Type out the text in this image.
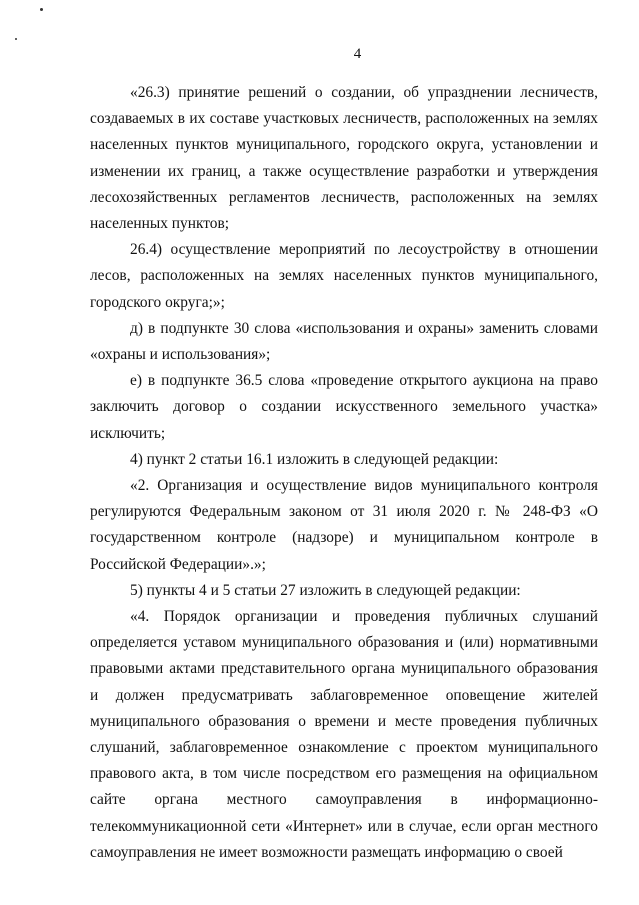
4

«26.3) принятие решений о создании, об упразднении лесничеств, создаваемых в их составе участковых лесничеств, расположенных на землях населенных пунктов муниципального, городского округа, установлении и изменении их границ, а также осуществление разработки и утверждения лесохозяйственных регламентов лесничеств, расположенных на землях населенных пунктов;

26.4) осуществление мероприятий по лесоустройству в отношении лесов, расположенных на землях населенных пунктов муниципального, городского округа;»;

д) в подпункте 30 слова «использования и охраны» заменить словами «охраны и использования»;

е) в подпункте 36.5 слова «проведение открытого аукциона на право заключить договор о создании искусственного земельного участка» исключить;

4) пункт 2 статьи 16.1 изложить в следующей редакции:

«2. Организация и осуществление видов муниципального контроля регулируются Федеральным законом от 31 июля 2020 г. № 248-ФЗ «О государственном контроле (надзоре) и муниципальном контроле в Российской Федерации».»;

5) пункты 4 и 5 статьи 27 изложить в следующей редакции:

«4. Порядок организации и проведения публичных слушаний определяется уставом муниципального образования и (или) нормативными правовыми актами представительного органа муниципального образования и должен предусматривать заблаговременное оповещение жителей муниципального образования о времени и месте проведения публичных слушаний, заблаговременное ознакомление с проектом муниципального правового акта, в том числе посредством его размещения на официальном сайте органа местного самоуправления в информационно-телекоммуникационной сети «Интернет» или в случае, если орган местного самоуправления не имеет возможности размещать информацию о своей
